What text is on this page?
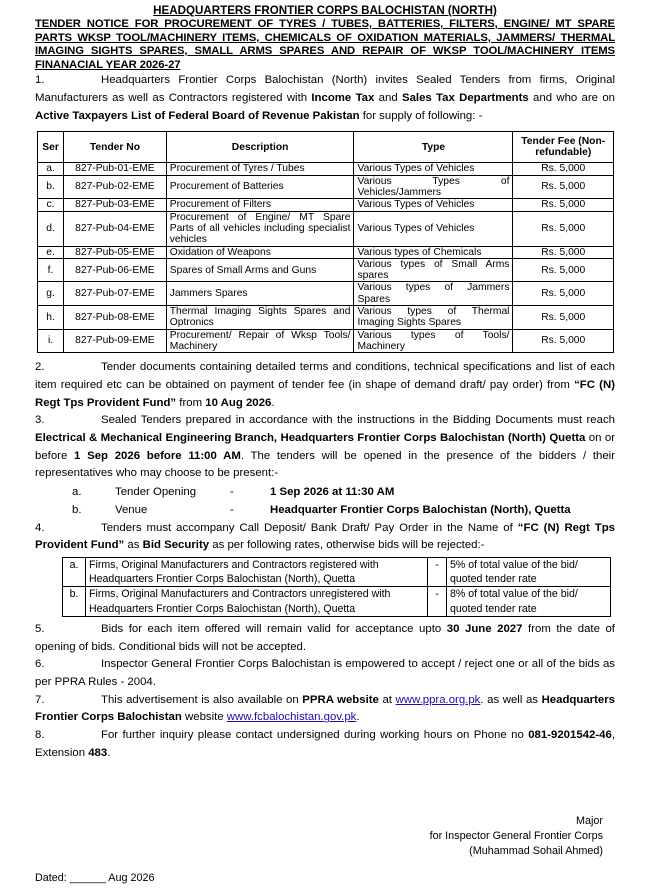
HEADQUARTERS FRONTIER CORPS BALOCHISTAN (NORTH)
TENDER NOTICE FOR PROCUREMENT OF TYRES / TUBES, BATTERIES, FILTERS, ENGINE/ MT SPARE PARTS WKSP TOOL/MACHINERY ITEMS, CHEMICALS OF OXIDATION MATERIALS, JAMMERS/ THERMAL IMAGING SIGHTS SPARES, SMALL ARMS SPARES AND REPAIR OF WKSP TOOL/MACHINERY ITEMS FINANACIAL YEAR 2026-27

1.	Headquarters Frontier Corps Balochistan (North) invites Sealed Tenders from firms, Original Manufacturers as well as Contractors registered with Income Tax and Sales Tax Departments and who are on Active Taxpayers List of Federal Board of Revenue Pakistan for supply of following: -

Ser	Tender No	Description	Type	Tender Fee (Non-refundable)
a.	827-Pub-01-EME	Procurement of Tyres / Tubes	Various Types of Vehicles	Rs. 5,000
b.	827-Pub-02-EME	Procurement of Batteries	Various Types of Vehicles/Jammers	Rs. 5,000
c.	827-Pub-03-EME	Procurement of Filters	Various Types of Vehicles	Rs. 5,000
d.	827-Pub-04-EME	Procurement of Engine/ MT Spare Parts of all vehicles including specialist vehicles	Various Types of Vehicles	Rs. 5,000
e.	827-Pub-05-EME	Oxidation of Weapons	Various types of Chemicals	Rs. 5,000
f.	827-Pub-06-EME	Spares of Small Arms and Guns	Various types of Small Arms spares	Rs. 5,000
g.	827-Pub-07-EME	Jammers Spares	Various types of Jammers Spares	Rs. 5,000
h.	827-Pub-08-EME	Thermal Imaging Sights Spares and Optronics	Various types of Thermal Imaging Sights Spares	Rs. 5,000
i.	827-Pub-09-EME	Procurement/ Repair of Wksp Tools/ Machinery	Various types of Tools/ Machinery	Rs. 5,000

2.	Tender documents containing detailed terms and conditions, technical specifications and list of each item required etc can be obtained on payment of tender fee (in shape of demand draft/ pay order) from “FC (N) Regt Tps Provident Fund” from 10 Aug 2026.

3.	Sealed Tenders prepared in accordance with the instructions in the Bidding Documents must reach Electrical & Mechanical Engineering Branch, Headquarters Frontier Corps Balochistan (North) Quetta on or before 1 Sep 2026 before 11:00 AM. The tenders will be opened in the presence of the bidders / their representatives who may choose to be present:-

a.	Tender Opening	-	1 Sep 2026 at 11:30 AM
b.	Venue	-	Headquarter Frontier Corps Balochistan (North), Quetta

4.	Tenders must accompany Call Deposit/ Bank Draft/ Pay Order in the Name of “FC (N) Regt Tps Provident Fund” as Bid Security as per following rates, otherwise bids will be rejected:-

a.	Firms, Original Manufacturers and Contractors registered with Headquarters Frontier Corps Balochistan (North), Quetta	-	5% of total value of the bid/ quoted tender rate
b.	Firms, Original Manufacturers and Contractors unregistered with Headquarters Frontier Corps Balochistan (North), Quetta	-	8% of total value of the bid/ quoted tender rate

5.	Bids for each item offered will remain valid for acceptance upto 30 June 2027 from the date of opening of bids. Conditional bids will not be accepted.

6.	Inspector General Frontier Corps Balochistan is empowered to accept / reject one or all of the bids as per PPRA Rules - 2004.

7.	This advertisement is also available on PPRA website at www.ppra.org.pk. as well as Headquarters Frontier Corps Balochistan website www.fcbalochistan.gov.pk.

8.	For further inquiry please contact undersigned during working hours on Phone no 081-9201542-46, Extension 483.

Major
for Inspector General Frontier Corps
(Muhammad Sohail Ahmed)
Dated: ______ Aug 2026
